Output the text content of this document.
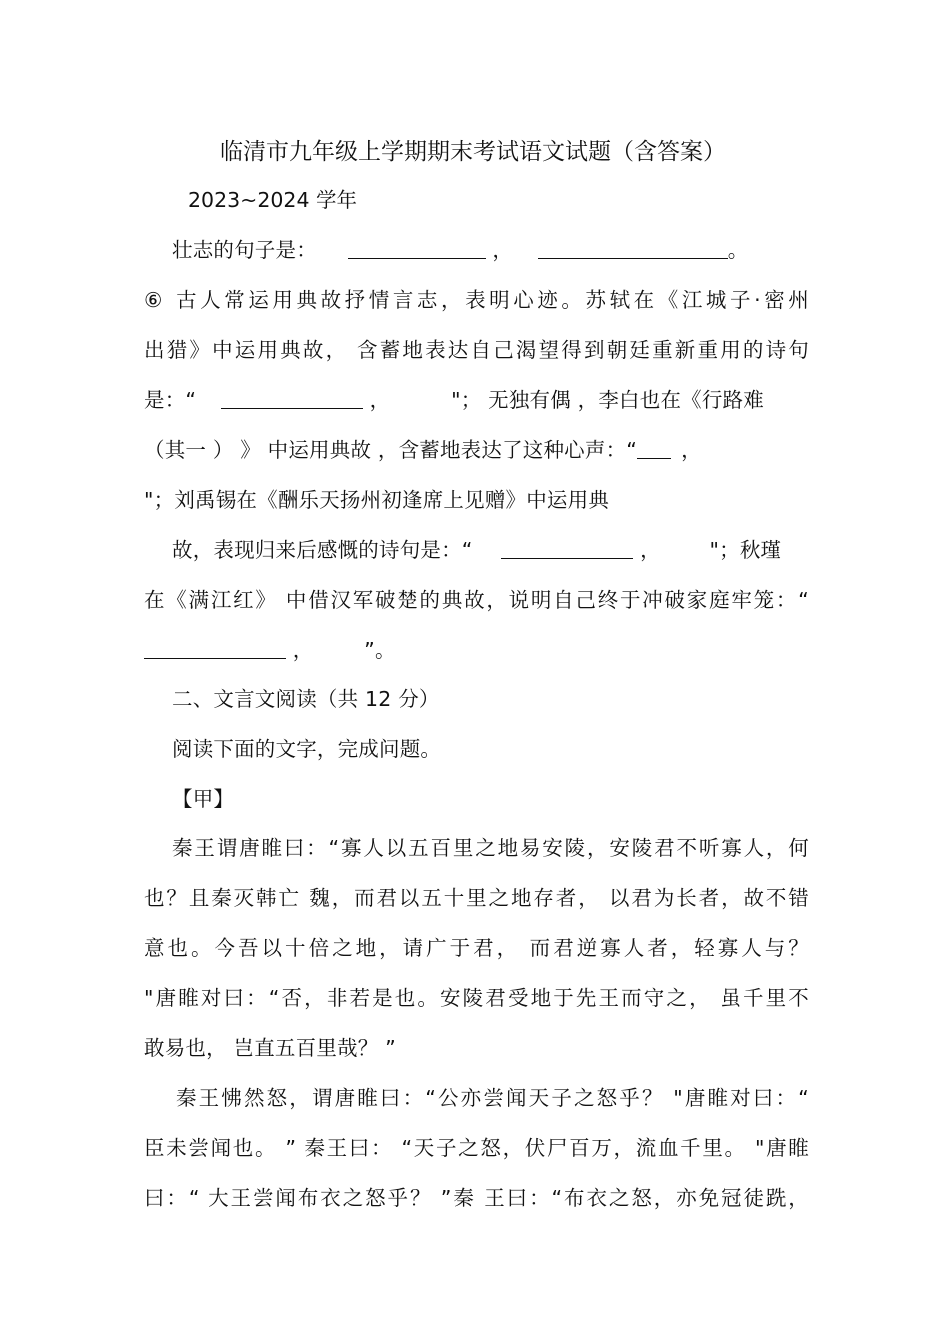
临清市九年级上学期期末考试语文试题（含答案）
2023~2024 学年
壮志的句子是：	，	。
⑥ 古人常运用典故抒情言志，表明心迹。苏轼在《江城子·密州
出猎》中运用典故， 含蓄地表达自己渴望得到朝廷重新重用的诗句
是：“	，	"； 无独有偶 ，李白也在《行路难
（其一 ） 》 中运用典故 ，含蓄地表达了这种心声：“ ，
"；刘禹锡在《酬乐天扬州初逢席上见赠》中运用典
故，表现归来后感慨的诗句是：“	， "；秋瑾
在《满江红》 中借汉军破楚的典故，说明自己终于冲破家庭牢笼：“
， ”。
二、文言文阅读（共 12 分）
阅读下面的文字，完成问题。
【甲】
秦王谓唐睢曰：“寡人以五百里之地易安陵，安陵君不听寡人，何
也？且秦灭韩亡 魏，而君以五十里之地存者， 以君为长者，故不错
意也。今吾以十倍之地，请广于君， 而君逆寡人者，轻寡人与？
"唐睢对曰：“否，非若是也。安陵君受地于先王而守之， 虽千里不
敢易也， 岂直五百里哉？ ”
秦王怫然怒，谓唐睢曰：“公亦尝闻天子之怒乎？ "唐睢对曰：“
臣未尝闻也。 ” 秦王曰： “天子之怒，伏尸百万，流血千里。 "唐睢
曰：“ 大王尝闻布衣之怒乎？ ”秦 王曰：“布衣之怒，亦免冠徒跣，
